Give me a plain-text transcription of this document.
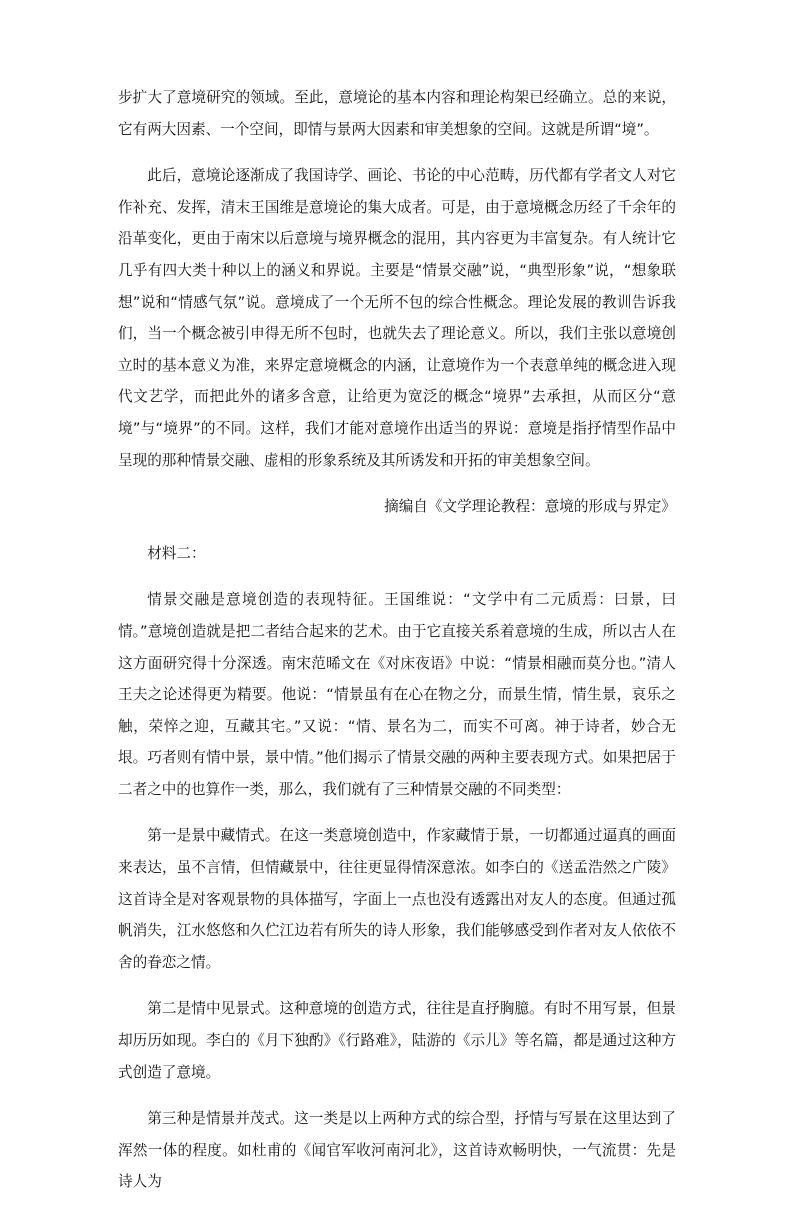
步扩大了意境研究的领域。至此，意境论的基本内容和理论构架已经确立。总的来说，它有两大因素、一个空间，即情与景两大因素和审美想象的空间。这就是所谓“境”。

此后，意境论逐渐成了我国诗学、画论、书论的中心范畴，历代都有学者文人对它作补充、发挥，清末王国维是意境论的集大成者。可是，由于意境概念历经了千余年的沿革变化，更由于南宋以后意境与境界概念的混用，其内容更为丰富复杂。有人统计它几乎有四大类十种以上的涵义和界说。主要是“情景交融”说，“典型形象”说，“想象联想”说和“情感气氛”说。意境成了一个无所不包的综合性概念。理论发展的教训告诉我们，当一个概念被引申得无所不包时，也就失去了理论意义。所以，我们主张以意境创立时的基本意义为准，来界定意境概念的内涵，让意境作为一个表意单纯的概念进入现代文艺学，而把此外的诸多含意，让给更为宽泛的概念“境界”去承担，从而区分“意境”与“境界”的不同。这样，我们才能对意境作出适当的界说：意境是指抒情型作品中呈现的那种情景交融、虚相的形象系统及其所诱发和开拓的审美想象空间。

摘编自《文学理论教程：意境的形成与界定》

材料二：

情景交融是意境创造的表现特征。王国维说：“文学中有二元质焉：曰景，曰情。”意境创造就是把二者结合起来的艺术。由于它直接关系着意境的生成，所以古人在这方面研究得十分深透。南宋范晞文在《对床夜语》中说：“情景相融而莫分也。”清人王夫之论述得更为精要。他说：“情景虽有在心在物之分，而景生情，情生景，哀乐之触，荣悴之迎，互藏其宅。”又说：“情、景名为二，而实不可离。神于诗者，妙合无垠。巧者则有情中景，景中情。”他们揭示了情景交融的两种主要表现方式。如果把居于二者之中的也算作一类，那么，我们就有了三种情景交融的不同类型：

第一是景中藏情式。在这一类意境创造中，作家藏情于景，一切都通过逼真的画面来表达，虽不言情，但情藏景中，往往更显得情深意浓。如李白的《送孟浩然之广陵》这首诗全是对客观景物的具体描写，字面上一点也没有透露出对友人的态度。但通过孤帆消失，江水悠悠和久伫江边若有所失的诗人形象，我们能够感受到作者对友人依依不舍的眷恋之情。

第二是情中见景式。这种意境的创造方式，往往是直抒胸臆。有时不用写景，但景却历历如现。李白的《月下独酌》《行路难》，陆游的《示儿》等名篇，都是通过这种方式创造了意境。

第三种是情景并茂式。这一类是以上两种方式的综合型，抒情与写景在这里达到了浑然一体的程度。如杜甫的《闻官军收河南河北》，这首诗欢畅明快，一气流贯：先是诗人为
